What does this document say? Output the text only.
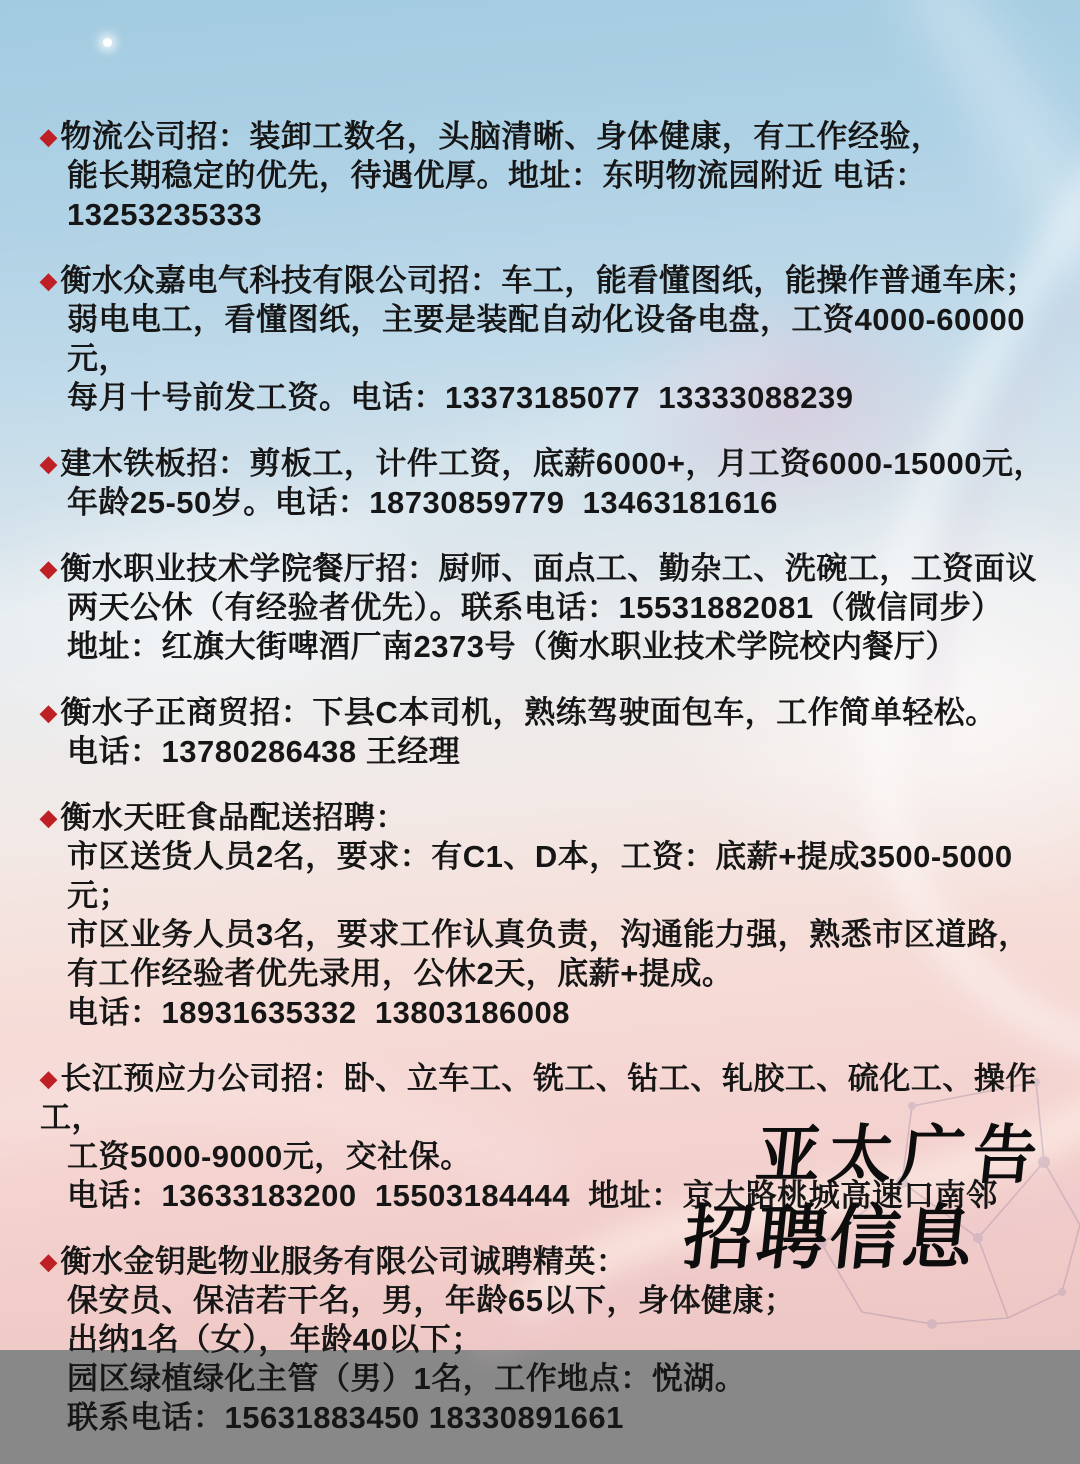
◆物流公司招：装卸工数名，头脑清晰、身体健康，有工作经验，
能长期稳定的优先，待遇优厚。地址：东明物流园附近 电话：13253235333
◆衡水众嘉电气科技有限公司招：车工，能看懂图纸，能操作普通车床；
弱电电工，看懂图纸，主要是装配自动化设备电盘，工资4000-60000元，
每月十号前发工资。电话：13373185077  13333088239
◆建木铁板招：剪板工，计件工资，底薪6000+，月工资6000-15000元，
年龄25-50岁。电话：18730859779  13463181616
◆衡水职业技术学院餐厅招：厨师、面点工、勤杂工、洗碗工，工资面议
两天公休（有经验者优先）。联系电话：15531882081（微信同步）
地址：红旗大街啤酒厂南2373号（衡水职业技术学院校内餐厅）
◆衡水子正商贸招：下县C本司机，熟练驾驶面包车，工作简单轻松。
电话：13780286438 王经理
◆衡水天旺食品配送招聘：
市区送货人员2名，要求：有C1、D本，工资：底薪+提成3500-5000元；
市区业务人员3名，要求工作认真负责，沟通能力强，熟悉市区道路，
有工作经验者优先录用，公休2天，底薪+提成。
电话：18931635332  13803186008
◆长江预应力公司招：卧、立车工、铣工、钻工、轧胶工、硫化工、操作工，
工资5000-9000元，交社保。
电话：13633183200  15503184444  地址：京大路桃城高速口南邻
◆衡水金钥匙物业服务有限公司诚聘精英：
保安员、保洁若干名，男，年龄65以下，身体健康；
出纳1名（女），年龄40以下；
园区绿植绿化主管（男）1名，工作地点：悦湖。
联系电话：15631883450 18330891661
亚太广告
招聘信息
